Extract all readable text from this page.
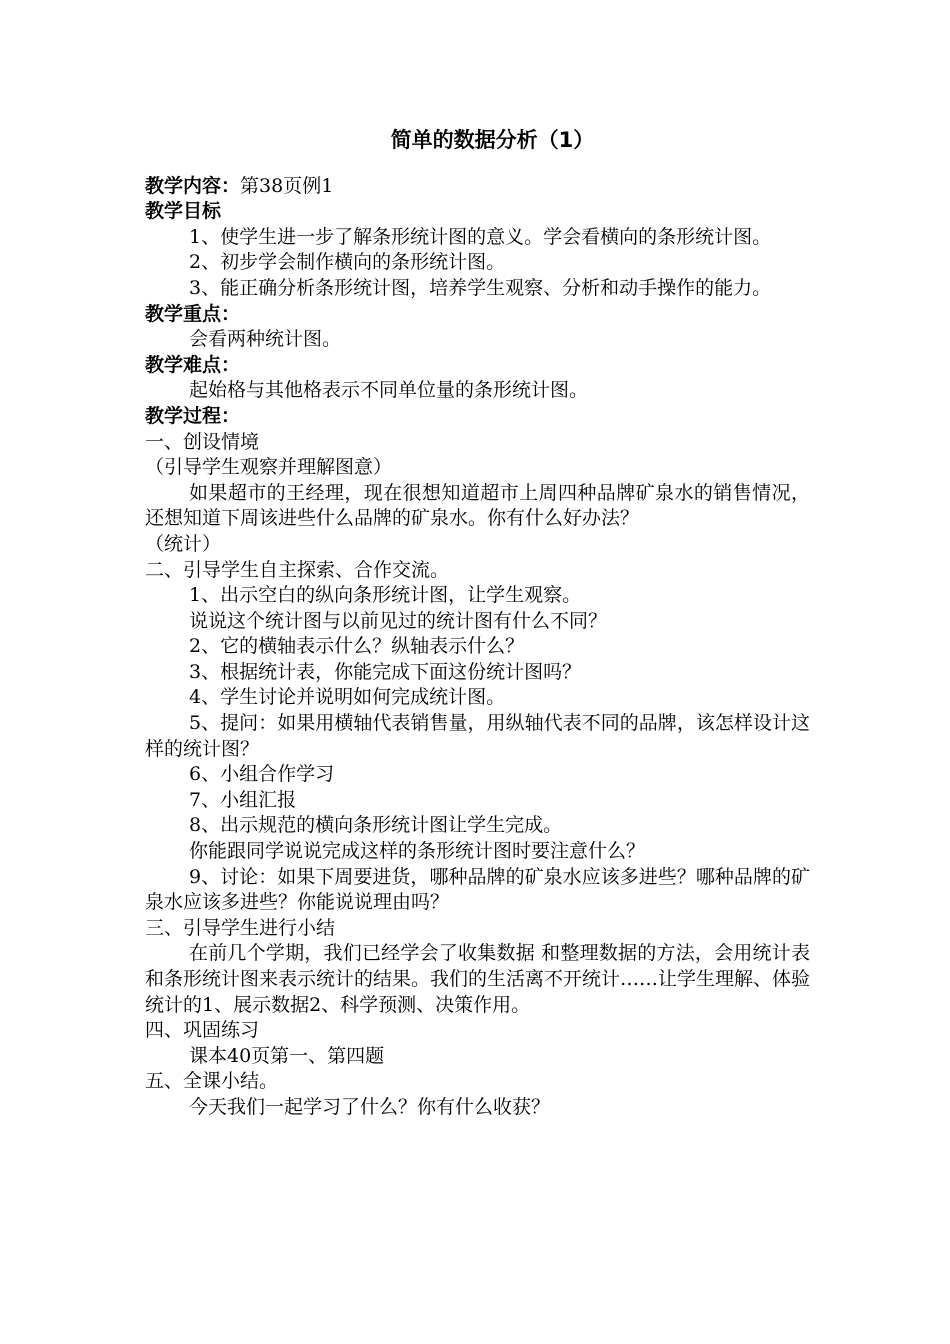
简单的数据分析（1）

教学内容：第38页例1

教学目标

1、使学生进一步了解条形统计图的意义。学会看横向的条形统计图。

2、初步学会制作横向的条形统计图。

3、能正确分析条形统计图，培养学生观察、分析和动手操作的能力。

教学重点：

会看两种统计图。

教学难点：

起始格与其他格表示不同单位量的条形统计图。

教学过程：

一、创设情境

（引导学生观察并理解图意）

如果超市的王经理，现在很想知道超市上周四种品牌矿泉水的销售情况，还想知道下周该进些什么品牌的矿泉水。你有什么好办法？

（统计）

二、引导学生自主探索、合作交流。

1、出示空白的纵向条形统计图，让学生观察。

说说这个统计图与以前见过的统计图有什么不同？

2、它的横轴表示什么？纵轴表示什么？

3、根据统计表，你能完成下面这份统计图吗？

4、学生讨论并说明如何完成统计图。

5、提问：如果用横轴代表销售量，用纵轴代表不同的品牌，该怎样设计这样的统计图？

6、小组合作学习

7、小组汇报

8、出示规范的横向条形统计图让学生完成。

你能跟同学说说完成这样的条形统计图时要注意什么？

9、讨论：如果下周要进货，哪种品牌的矿泉水应该多进些？哪种品牌的矿泉水应该多进些？你能说说理由吗？

三、引导学生进行小结

在前几个学期，我们已经学会了收集数据 和整理数据的方法，会用统计表和条形统计图来表示统计的结果。我们的生活离不开统计……让学生理解、体验统计的1、展示数据2、科学预测、决策作用。

四、巩固练习

课本40页第一、第四题

五、全课小结。

今天我们一起学习了什么？你有什么收获？
